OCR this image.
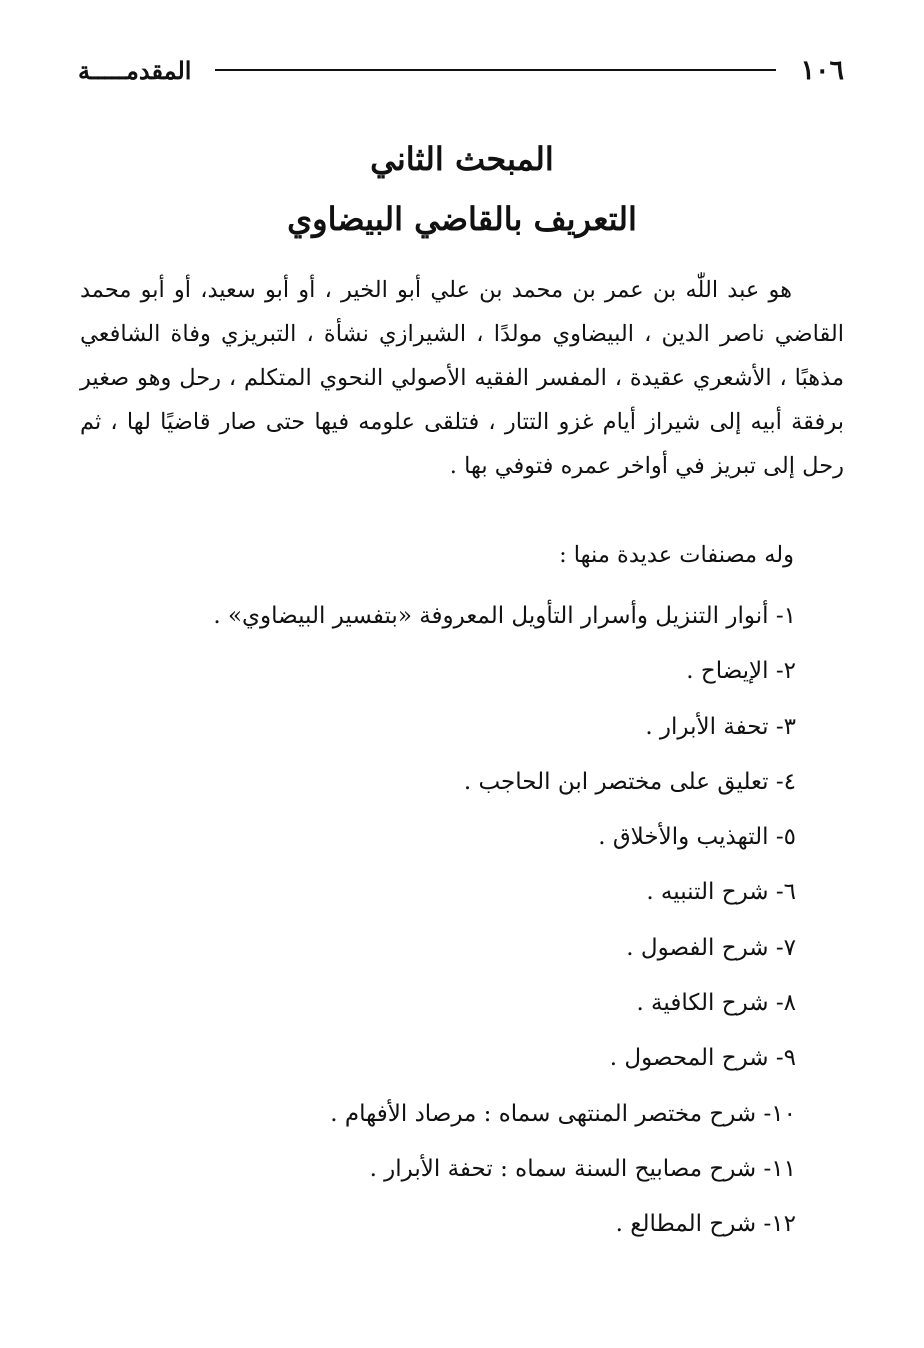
١٠٦
المقدمـــــة
المبحث الثاني
التعريف بالقاضي البيضاوي

هو عبد اللّٰه بن عمر بن محمد بن علي أبو الخير ، أو أبو سعيد، أو أبو محمد القاضي ناصر الدين ، البيضاوي مولدًا ، الشيرازي نشأة ، التبريزي وفاة الشافعي مذهبًا ، الأشعري عقيدة ، المفسر الفقيه الأصولي النحوي المتكلم ، رحل وهو صغير برفقة أبيه إلى شيراز أيام غزو التتار ، فتلقى علومه فيها حتى صار قاضيًا لها ، ثم رحل إلى تبريز في أواخر عمره فتوفي بها .

وله مصنفات عديدة منها :
١- أنوار التنزيل وأسرار التأويل المعروفة «بتفسير البيضاوي» .
٢- الإيضاح .
٣- تحفة الأبرار .
٤- تعليق على مختصر ابن الحاجب .
٥- التهذيب والأخلاق .
٦- شرح التنبيه .
٧- شرح الفصول .
٨- شرح الكافية .
٩- شرح المحصول .
١٠- شرح مختصر المنتهى سماه : مرصاد الأفهام .
١١- شرح مصابيح السنة سماه : تحفة الأبرار .
١٢- شرح المطالع .
